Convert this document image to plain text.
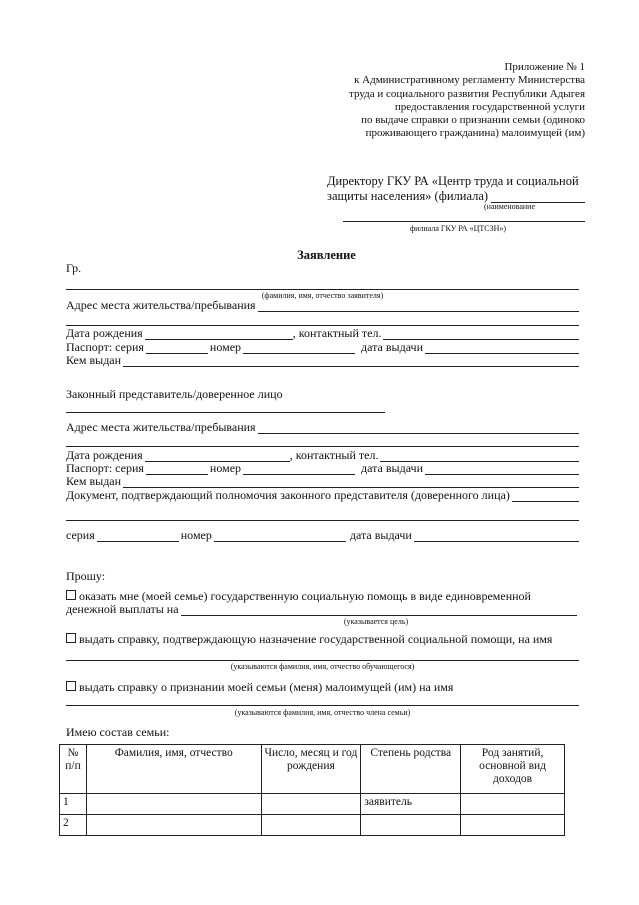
Приложение № 1
к Административному регламенту Министерства
труда и социального развития Республики Адыгея
предоставления государственной услуги
по выдаче справки о признании семьи (одиноко
проживающего гражданина) малоимущей (им)
Директору ГКУ РА «Центр труда и социальной
защиты населения» (филиала)
(наименование
филиала ГКУ РА «ЦТСЗН»)
Заявление
Гр.
(фамилия, имя, отчество заявителя)
Адрес места жительства/пребывания
Дата рождения	, контактный тел.
Паспорт: серия	номер	дата выдачи
Кем выдан
Законный представитель/доверенное лицо
Адрес места жительства/пребывания
Дата рождения	, контактный тел.
Паспорт: серия	номер	дата выдачи
Кем выдан
Документ, подтверждающий полномочия законного представителя (доверенного лица)
серия	номер	дата выдачи
Прошу:
оказать мне (моей семье) государственную социальную помощь в виде единовременной
денежной выплаты на
(указывается цель)
выдать справку, подтверждающую назначение государственной социальной помощи, на имя
(указываются фамилия, имя, отчество обучающегося)
выдать справку о признании моей семьи (меня) малоимущей (им) на имя
(указываются фамилия, имя, отчество члена семьи)
Имею состав семьи:
№ п/п	Фамилия, имя, отчество	Число, месяц и год рождения	Степень родства	Род занятий, основной вид доходов
1			заявитель	
2				
